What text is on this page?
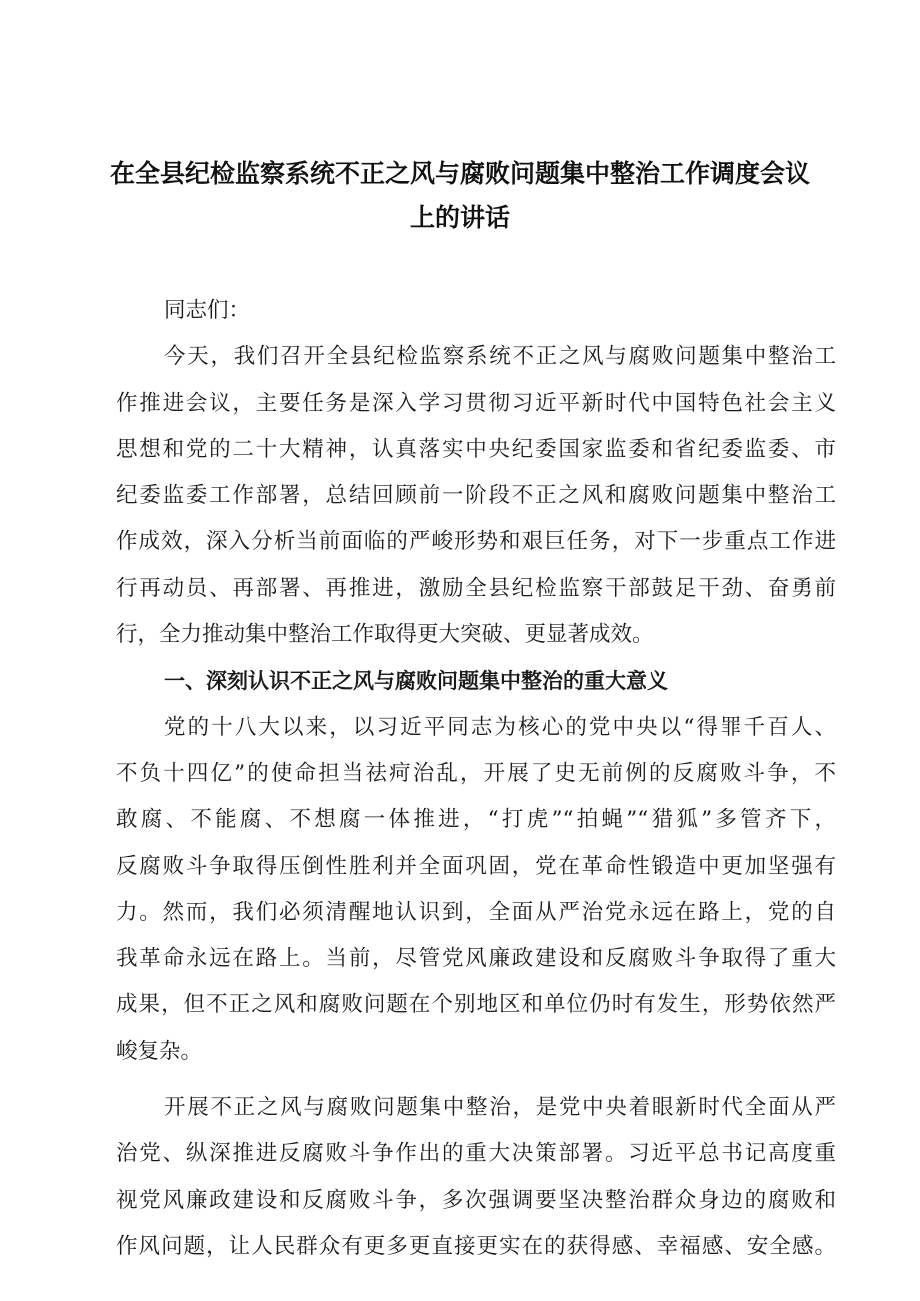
在全县纪检监察系统不正之风与腐败问题集中整治工作调度会议
上的讲话
同志们：
今天，我们召开全县纪检监察系统不正之风与腐败问题集中整治工
作推进会议，主要任务是深入学习贯彻习近平新时代中国特色社会主义
思想和党的二十大精神，认真落实中央纪委国家监委和省纪委监委、市
纪委监委工作部署，总结回顾前一阶段不正之风和腐败问题集中整治工
作成效，深入分析当前面临的严峻形势和艰巨任务，对下一步重点工作进
行再动员、再部署、再推进，激励全县纪检监察干部鼓足干劲、奋勇前
行，全力推动集中整治工作取得更大突破、更显著成效。
一、深刻认识不正之风与腐败问题集中整治的重大意义
党的十八大以来，以习近平同志为核心的党中央以“得罪千百人、
不负十四亿”的使命担当祛疴治乱，开展了史无前例的反腐败斗争，不
敢腐、不能腐、不想腐一体推进，“打虎”“拍蝇”“猎狐”多管齐下，
反腐败斗争取得压倒性胜利并全面巩固，党在革命性锻造中更加坚强有
力。然而，我们必须清醒地认识到，全面从严治党永远在路上，党的自
我革命永远在路上。当前，尽管党风廉政建设和反腐败斗争取得了重大
成果，但不正之风和腐败问题在个别地区和单位仍时有发生，形势依然严
峻复杂。
开展不正之风与腐败问题集中整治，是党中央着眼新时代全面从严
治党、纵深推进反腐败斗争作出的重大决策部署。习近平总书记高度重
视党风廉政建设和反腐败斗争，多次强调要坚决整治群众身边的腐败和
作风问题，让人民群众有更多更直接更实在的获得感、幸福感、安全感。
